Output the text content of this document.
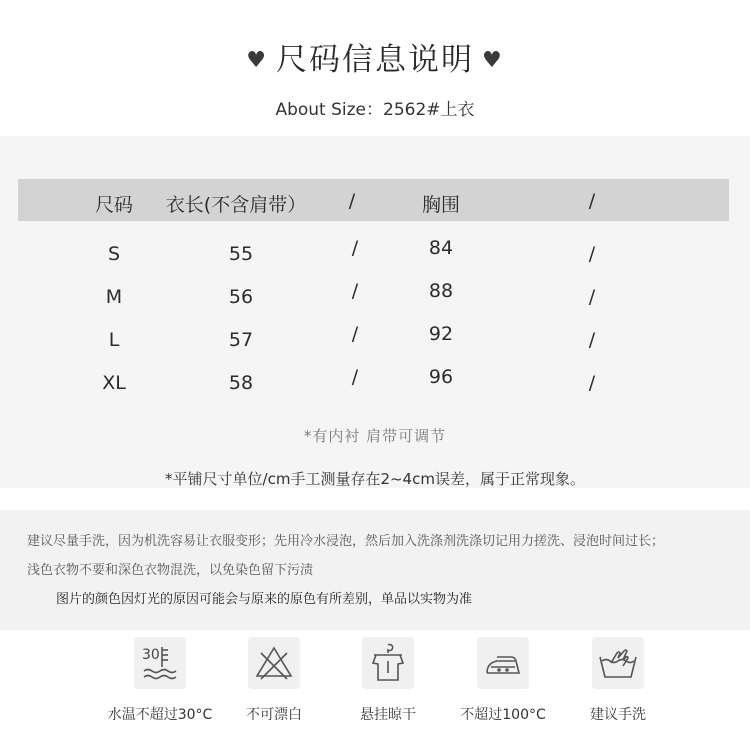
♥ 尺码信息说明 ♥
About Size：2562#上衣
尺码 衣长(不含肩带） /	胸围	/
S	55	/	84	/
M	56	/	88	/
L	57	/	92	/
XL	58	/	96	/
*有内衬 肩带可调节
*平铺尺寸单位/cm手工测量存在2~4cm误差，属于正常现象。
建议尽量手洗，因为机洗容易让衣服变形；先用冷水浸泡，然后加入洗涤剂洗涤切记用力搓洗、浸泡时间过长；
浅色衣物不要和深色衣物混洗，以免染色留下污渍
图片的颜色因灯光的原因可能会与原来的原色有所差别，单品以实物为准
30
水温不超过30°C	不可漂白	悬挂晾干	不超过100°C	建议手洗
